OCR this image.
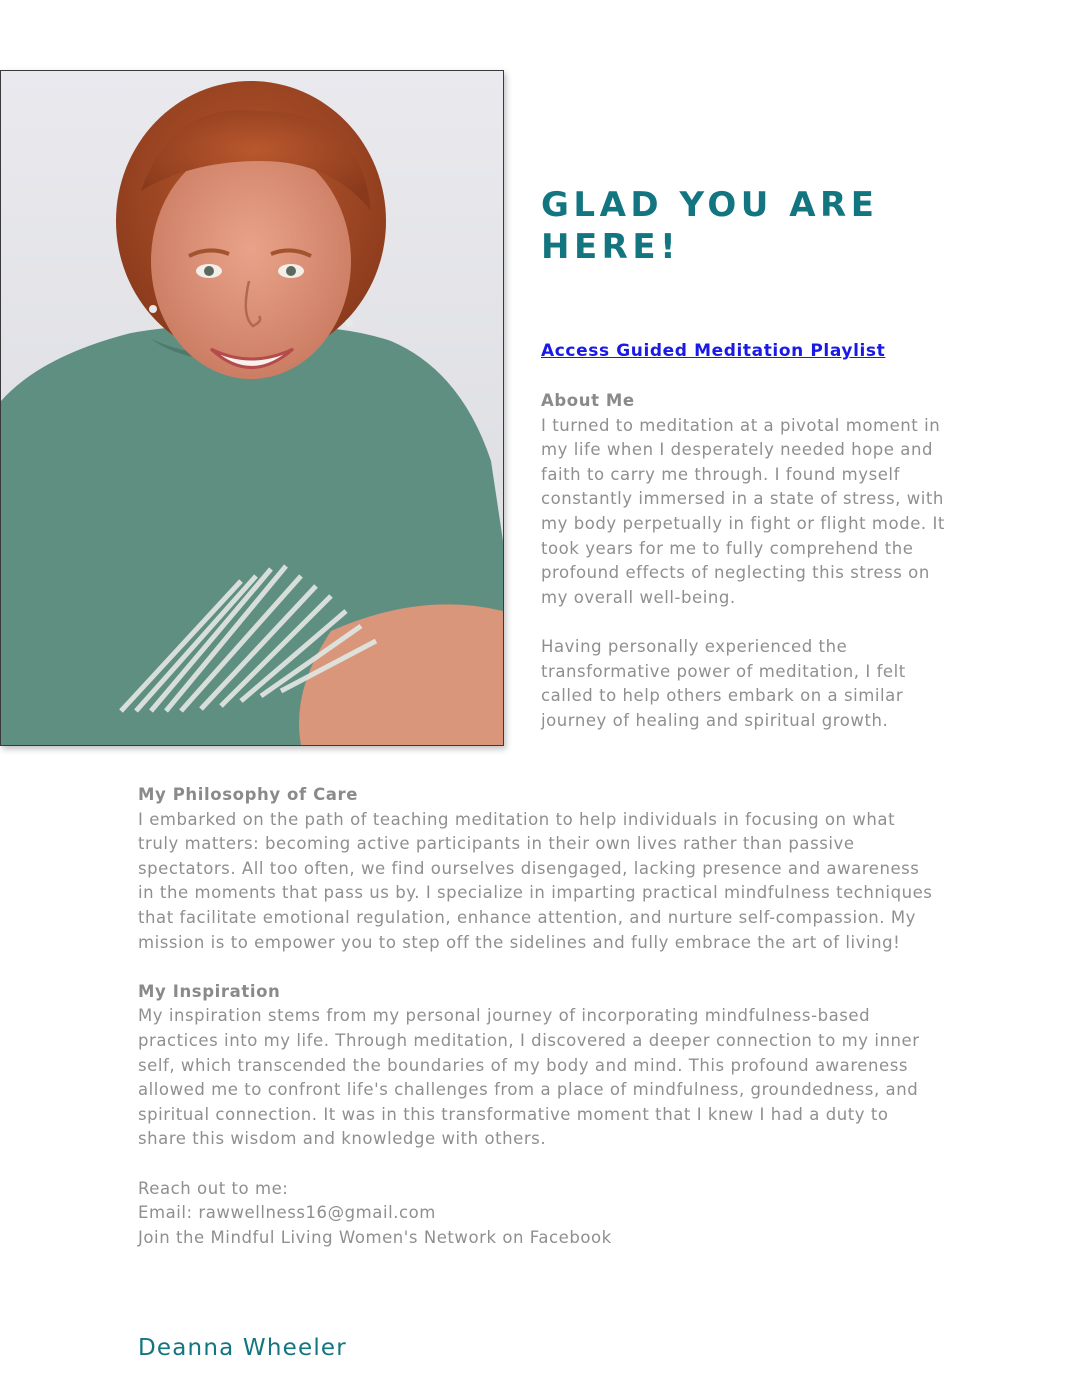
GLAD YOU ARE HERE!
Access Guided Meditation Playlist
About Me

I turned to meditation at a pivotal moment in my life when I desperately needed hope and faith to carry me through. I found myself constantly immersed in a state of stress, with my body perpetually in fight or flight mode. It took years for me to fully comprehend the profound effects of neglecting this stress on my overall well-being.

Having personally experienced the transformative power of meditation, I felt called to help others embark on a similar journey of healing and spiritual growth.

My Philosophy of Care

I embarked on the path of teaching meditation to help individuals in focusing on what truly matters: becoming active participants in their own lives rather than passive spectators. All too often, we find ourselves disengaged, lacking presence and awareness in the moments that pass us by. I specialize in imparting practical mindfulness techniques that facilitate emotional regulation, enhance attention, and nurture self-compassion. My mission is to empower you to step off the sidelines and fully embrace the art of living!

My Inspiration

My inspiration stems from my personal journey of incorporating mindfulness-based practices into my life. Through meditation, I discovered a deeper connection to my inner self, which transcended the boundaries of my body and mind. This profound awareness allowed me to confront life's challenges from a place of mindfulness, groundedness, and spiritual connection. It was in this transformative moment that I knew I had a duty to share this wisdom and knowledge with others.

Reach out to me:
Email: rawwellness16@gmail.com
Join the Mindful Living Women's Network on Facebook
Deanna Wheeler
